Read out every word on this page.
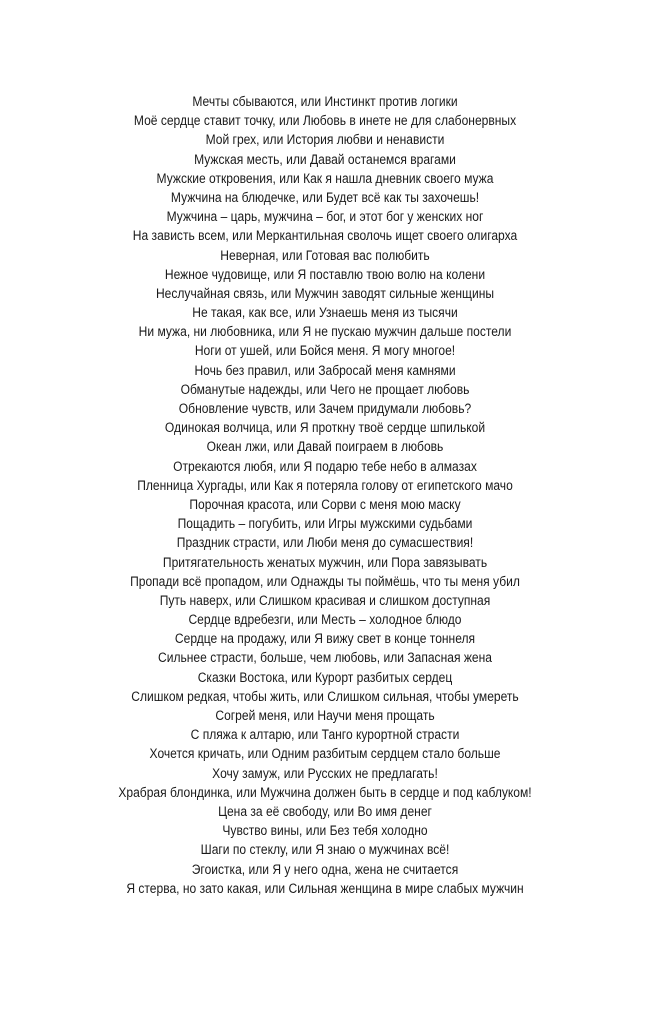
Мечты сбываются, или Инстинкт против логики
Моё сердце ставит точку, или Любовь в инете не для слабонервных
Мой грех, или История любви и ненависти
Мужская месть, или Давай останемся врагами
Мужские откровения, или Как я нашла дневник своего мужа
Мужчина на блюдечке, или Будет всё как ты захочешь!
Мужчина – царь, мужчина – бог, и этот бог у женских ног
На зависть всем, или Меркантильная сволочь ищет своего олигарха
Неверная, или Готовая вас полюбить
Нежное чудовище, или Я поставлю твою волю на колени
Неслучайная связь, или Мужчин заводят сильные женщины
Не такая, как все, или Узнаешь меня из тысячи
Ни мужа, ни любовника, или Я не пускаю мужчин дальше постели
Ноги от ушей, или Бойся меня. Я могу многое!
Ночь без правил, или Забросай меня камнями
Обманутые надежды, или Чего не прощает любовь
Обновление чувств, или Зачем придумали любовь?
Одинокая волчица, или Я проткну твоё сердце шпилькой
Океан лжи, или Давай поиграем в любовь
Отрекаются любя, или Я подарю тебе небо в алмазах
Пленница Хургады, или Как я потеряла голову от египетского мачо
Порочная красота, или Сорви с меня мою маску
Пощадить – погубить, или Игры мужскими судьбами
Праздник страсти, или Люби меня до сумасшествия!
Притягательность женатых мужчин, или Пора завязывать
Пропади всё пропадом, или Однажды ты поймёшь, что ты меня убил
Путь наверх, или Слишком красивая и слишком доступная
Сердце вдребезги, или Месть – холодное блюдо
Сердце на продажу, или Я вижу свет в конце тоннеля
Сильнее страсти, больше, чем любовь, или Запасная жена
Сказки Востока, или Курорт разбитых сердец
Слишком редкая, чтобы жить, или Слишком сильная, чтобы умереть
Согрей меня, или Научи меня прощать
С пляжа к алтарю, или Танго курортной страсти
Хочется кричать, или Одним разбитым сердцем стало больше
Хочу замуж, или Русских не предлагать!
Храбрая блондинка, или Мужчина должен быть в сердце и под каблуком!
Цена за её свободу, или Во имя денег
Чувство вины, или Без тебя холодно
Шаги по стеклу, или Я знаю о мужчинах всё!
Эгоистка, или Я у него одна, жена не считается
Я стерва, но зато какая, или Сильная женщина в мире слабых мужчин
